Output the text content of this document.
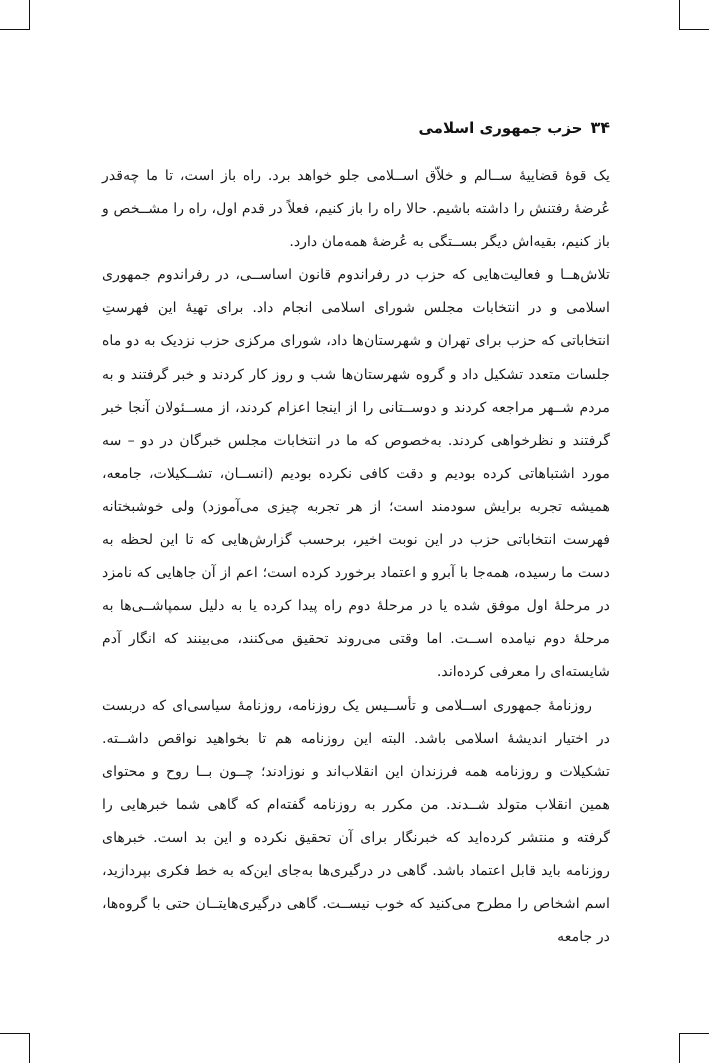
۳۴
حزب جمهوری اسلامی

یک قوهٔ قضاییهٔ ســالم و خلاّق اســلامی جلو خواهد برد. راه باز است، تا ما چه‌قدر عُرضهٔ رفتنش را داشته باشیم. حالا راه را باز کنیم، فعلاً در قدم اول، راه را مشــخص و باز کنیم، بقیه‌اش دیگر بســتگی به عُرضهٔ همه‌مان دارد.

تلاش‌هــا و فعالیت‌هایی که حزب در رفراندوم قانون اساســی، در رفراندوم جمهوری اسلامی و در انتخابات مجلس شورای اسلامی انجام داد. برای تهیهٔ این فهرستِ انتخاباتی که حزب برای تهران و شهرستان‌ها داد، شورای مرکزی حزب نزدیک به دو ماه جلسات متعدد تشکیل داد و گروه شهرستان‌ها شب و روز کار کردند و خبر گرفتند و به مردم شــهر مراجعه کردند و دوســتانی را از اینجا اعزام کردند، از مســئولان آنجا خبر گرفتند و نظرخواهی کردند. به‌خصوص که ما در انتخابات مجلس خبرگان در دو – سه مورد اشتباهاتی کرده بودیم و دقت کافی نکرده بودیم (انســان، تشــکیلات، جامعه، همیشه تجربه برایش سودمند است؛ از هر تجربه چیزی می‌آموزد) ولی خوشبختانه فهرست انتخاباتی حزب در این نوبت اخیر، برحسب گزارش‌هایی که تا این لحظه به دست ما رسیده، همه‌جا با آبرو و اعتماد برخورد کرده است؛ اعم از آن جاهایی که نامزد در مرحلهٔ اول موفق شده یا در مرحلهٔ دوم راه پیدا کرده یا به دلیل سمپاشــی‌ها به مرحلهٔ دوم نیامده اســت. اما وقتی می‌روند تحقیق می‌کنند، می‌بینند که انگار آدم شایسته‌ای را معرفی کرده‌اند.

روزنامهٔ جمهوری اســلامی و تأســیس یک روزنامه، روزنامهٔ سیاسی‌ای که دربست در اختیار اندیشهٔ اسلامی باشد. البته این روزنامه هم تا بخواهید نواقص داشــته. تشکیلات و روزنامه همه فرزندان این انقلاب‌اند و نوزادند؛ چــون بــا روح و محتوای همین انقلاب متولد شــدند. من مکرر به روزنامه گفته‌ام که گاهی شما خبرهایی را گرفته و منتشر کرده‌اید که خبرنگار برای آن تحقیق نکرده و این بد است. خبرهای روزنامه باید قابل اعتماد باشد. گاهی در درگیری‌ها به‌جای این‌که به خط فکری بپردازید، اسم اشخاص را مطرح می‌کنید که خوب نیســت. گاهی درگیری‌هایتــان حتی با گروه‌ها، در جامعه
